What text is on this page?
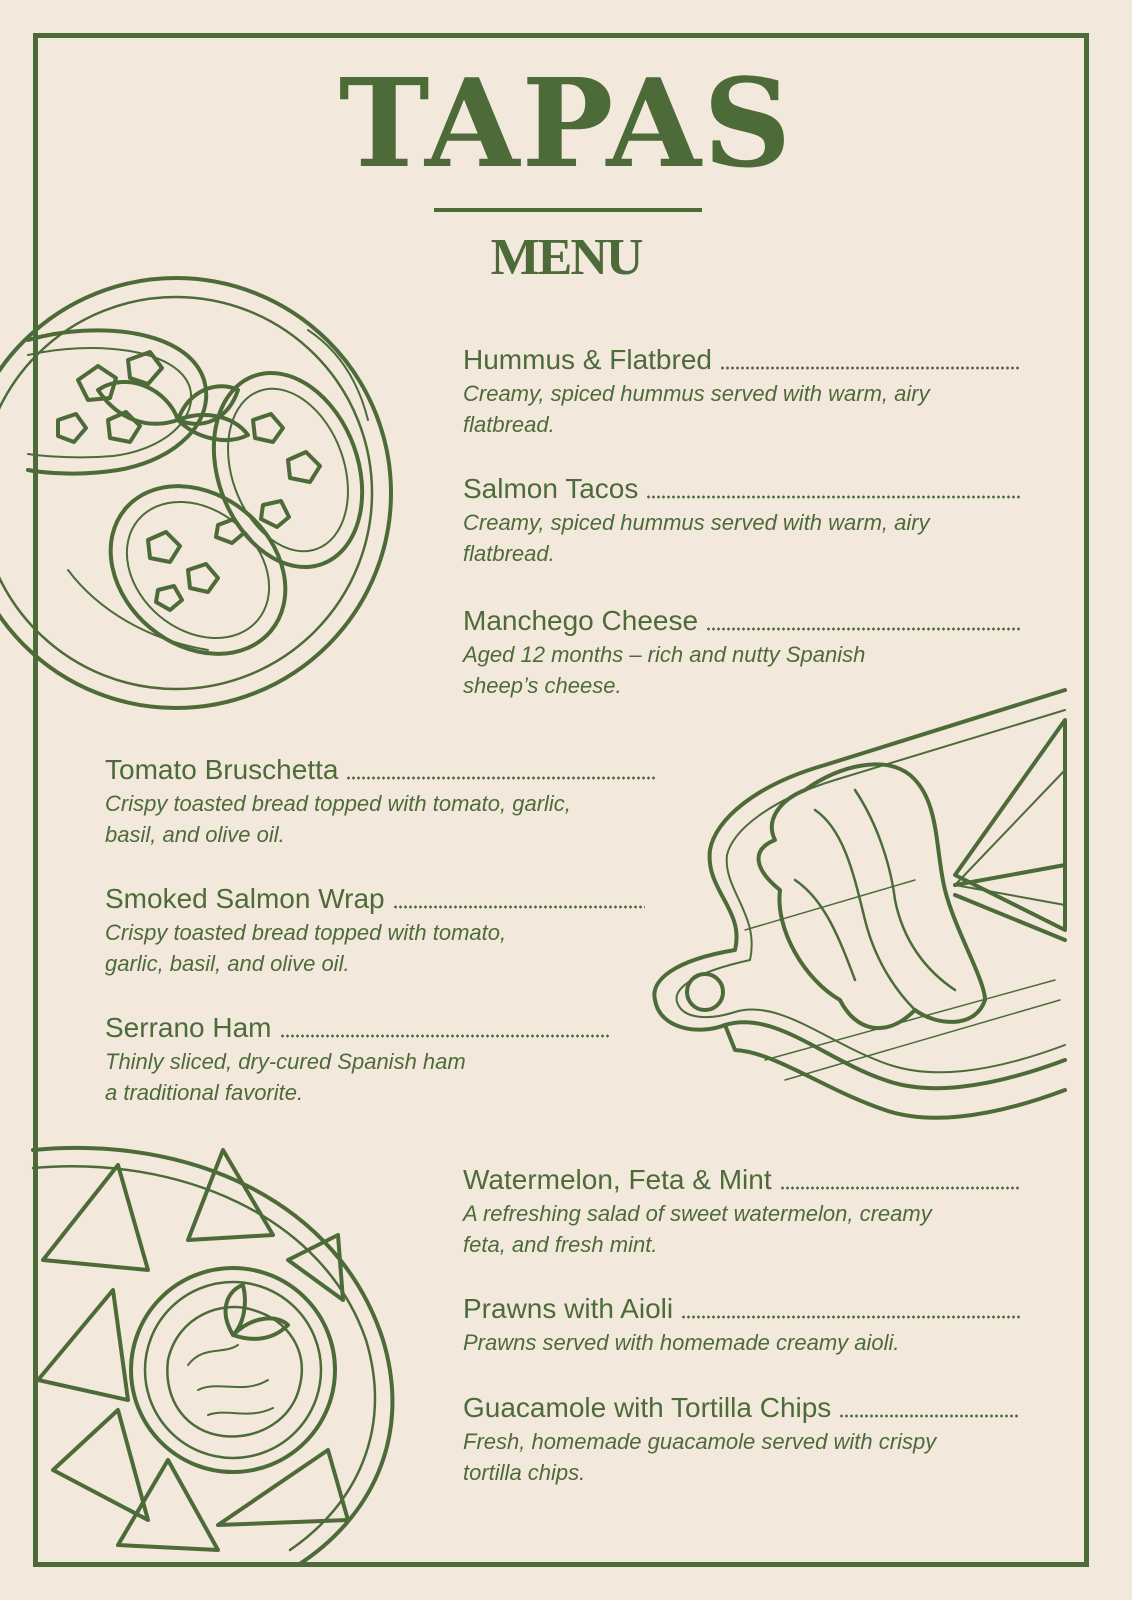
TAPAS
MENU
Hummus & Flatbred
Creamy, spiced hummus served with warm, airy
flatbread.
Salmon Tacos
Creamy, spiced hummus served with warm, airy
flatbread.
Manchego Cheese
Aged 12 months – rich and nutty Spanish
sheep’s cheese.
Tomato Bruschetta
Crispy toasted bread topped with tomato, garlic,
basil, and olive oil.
Smoked Salmon Wrap
Crispy toasted bread topped with tomato,
garlic, basil, and olive oil.
Serrano Ham
Thinly sliced, dry-cured Spanish ham
a traditional favorite.
Watermelon, Feta & Mint
A refreshing salad of sweet watermelon, creamy
feta, and fresh mint.
Prawns with Aioli
Prawns served with homemade creamy aioli.
Guacamole with Tortilla Chips
Fresh, homemade guacamole served with crispy
tortilla chips.
